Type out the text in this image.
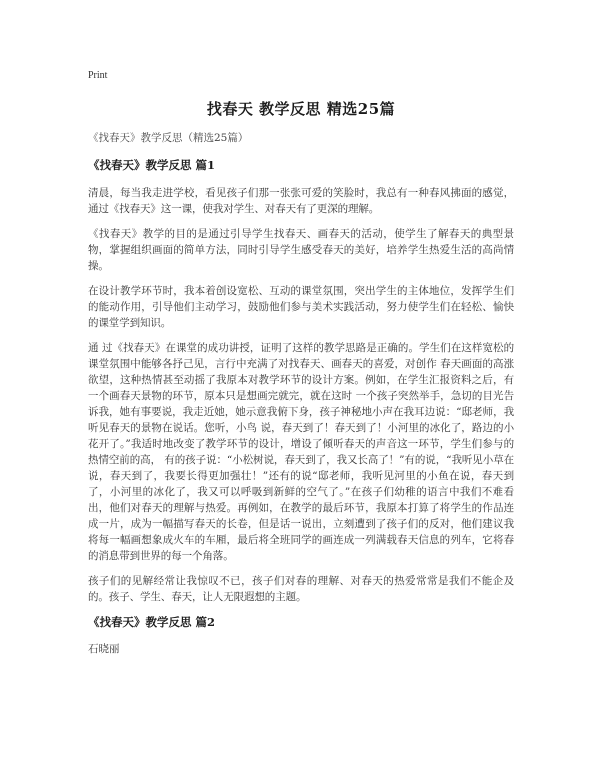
Print
找春天 教学反思 精选25篇

《找春天》教学反思（精选25篇）

《找春天》教学反思 篇1

清晨，每当我走进学校，看见孩子们那一张张可爱的笑脸时，我总有一种春风拂面的感觉，通过《找春天》这一课，使我对学生、对春天有了更深的理解。

《找春天》教学的目的是通过引导学生找春天、画春天的活动，使学生了解春天的典型景物，掌握组织画面的简单方法，同时引导学生感受春天的美好，培养学生热爱生活的高尚情操。

在设计教学环节时，我本着创设宽松、互动的课堂氛围，突出学生的主体地位，发挥学生们的能动作用，引导他们主动学习，鼓励他们参与美术实践活动，努力使学生们在轻松、愉快的课堂学到知识。

通 过《找春天》在课堂的成功讲授，证明了这样的教学思路是正确的。学生们在这样宽松的课堂氛围中能够各抒己见，言行中充满了对找春天、画春天的喜爱，对创作 春天画面的高涨欲望，这种热情甚至动摇了我原本对教学环节的设计方案。例如，在学生汇报资料之后，有一个画春天景物的环节，原本只是想画完就完，就在这时 一个孩子突然举手，急切的目光告诉我，她有事要说，我走近她，她示意我俯下身，孩子神秘地小声在我耳边说：“邸老师，我听见春天的景物在说话。您听，小鸟 说，春天到了！春天到了！小河里的冰化了，路边的小花开了。”我适时地改变了教学环节的设计，增设了倾听春天的声音这一环节，学生们参与的热情空前的高， 有的孩子说：“小松树说，春天到了，我又长高了！”有的说，“我听见小草在说，春天到了，我要长得更加强壮！”还有的说“邸老师，我听见河里的小鱼在说，春天到了，小河里的冰化了，我又可以呼吸到新鲜的空气了。”在孩子们幼稚的语言中我们不难看出，他们对春天的理解与热爱。再例如，在教学的最后环节，我原本打算了将学生的作品连成一片，成为一幅描写春天的长卷，但是话一说出，立刻遭到了孩子们的反对，他们建议我将每一幅画想象成火车的车厢，最后将全班同学的画连成一列满载春天信息的列车，它将春的消息带到世界的每一个角落。

孩子们的见解经常让我惊叹不已，孩子们对春的理解、对春天的热爱常常是我们不能企及的。孩子、学生、春天，让人无限遐想的主题。

《找春天》教学反思 篇2

石晓丽
